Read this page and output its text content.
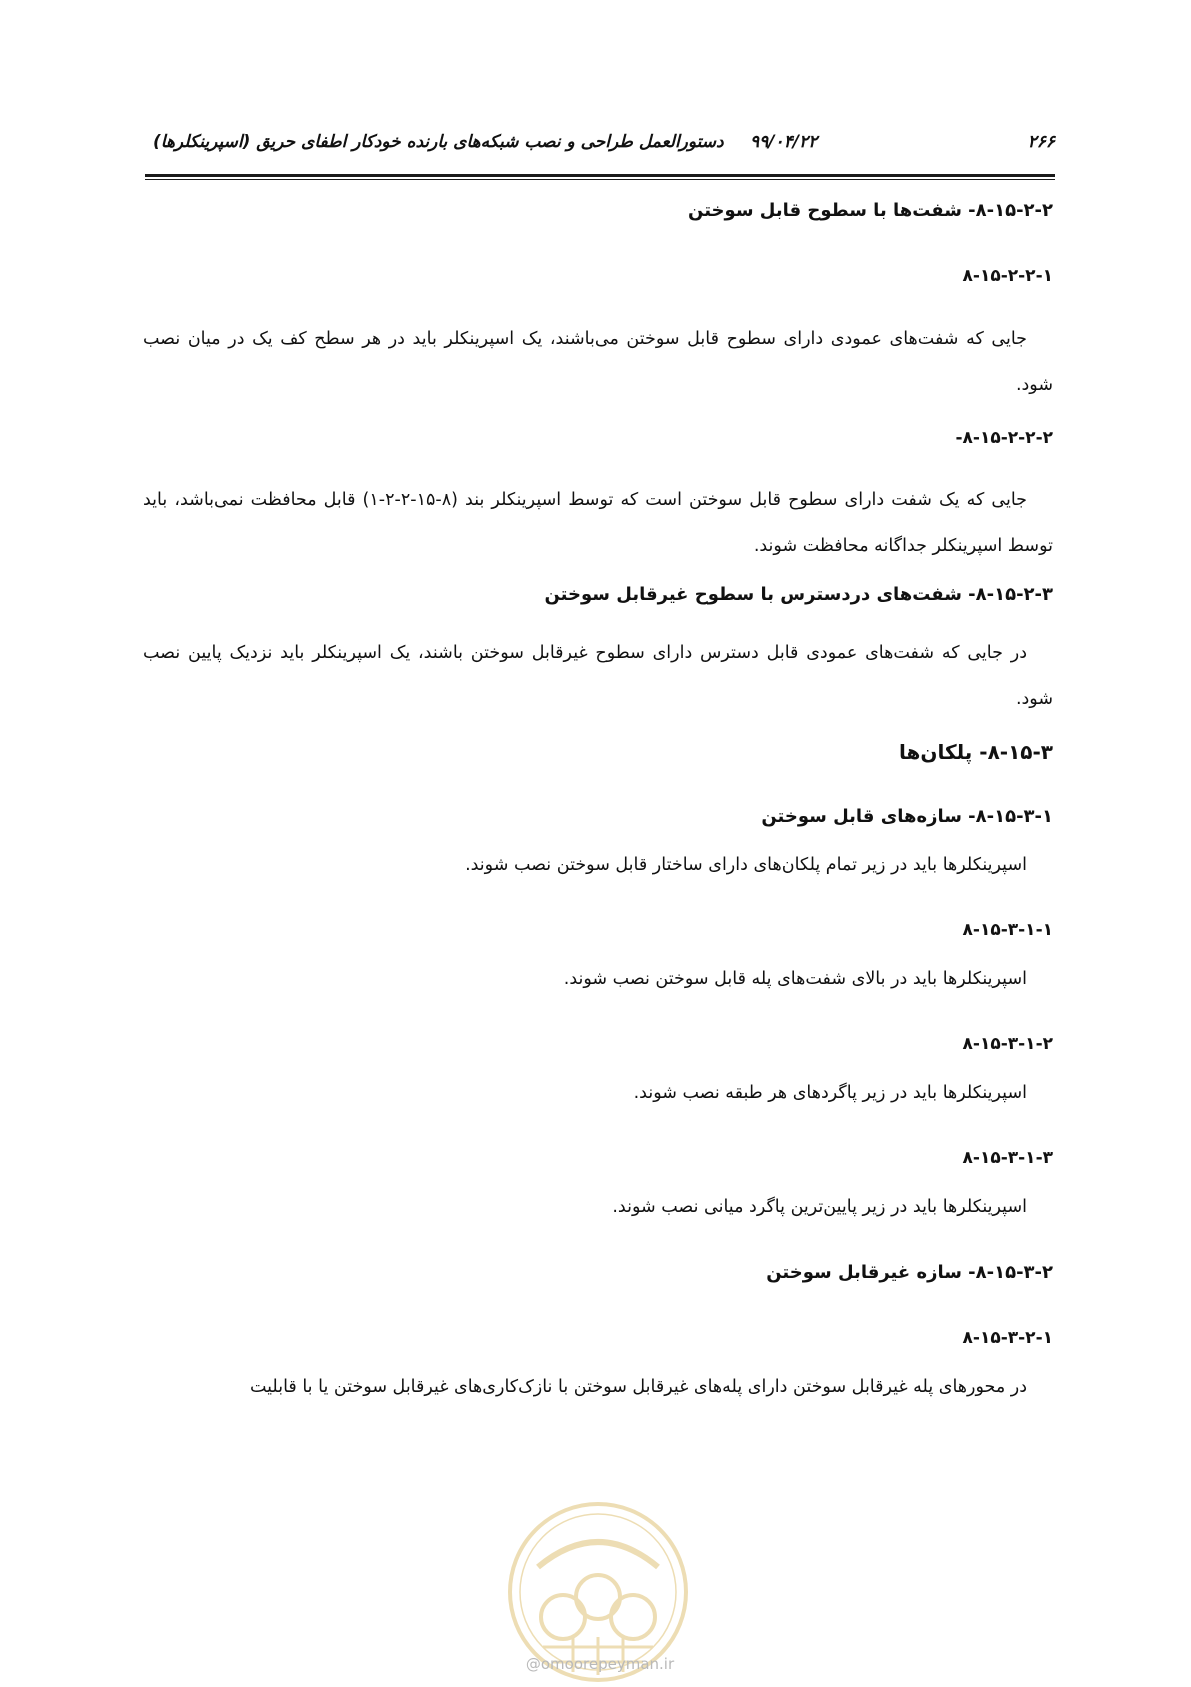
۲۶۶
۹۹/۰۴/۲۲
دستورالعمل طراحی و نصب شبکه‌های بارنده خودکار اطفای حریق (اسپرینکلرها)
۸-۱۵-۲-۲- شفت‌ها با سطوح قابل سوختن
۸-۱۵-۲-۲-۱
جایی که شفت‌های عمودی دارای سطوح قابل سوختن می‌باشند، یک اسپرینکلر باید در هر سطح کف یک در میان نصب شود.
۸-۱۵-۲-۲-۲-
جایی که یک شفت دارای سطوح قابل سوختن است که توسط اسپرینکلر بند (۸-۱۵-۲-۲-۱) قابل محافظت نمی‌باشد، باید توسط اسپرینکلر جداگانه محافظت شوند.
۸-۱۵-۲-۳- شفت‌های دردسترس با سطوح غیرقابل سوختن
در جایی که شفت‌های عمودی قابل دسترس دارای سطوح غیرقابل سوختن باشند، یک اسپرینکلر باید نزدیک پایین نصب شود.
۸-۱۵-۳- پلکان‌ها
۸-۱۵-۳-۱- سازه‌های قابل سوختن
اسپرینکلرها باید در زیر تمام پلکان‌های دارای ساختار قابل سوختن نصب شوند.
۸-۱۵-۳-۱-۱
اسپرینکلرها باید در بالای شفت‌های پله قابل سوختن نصب شوند.
۸-۱۵-۳-۱-۲
اسپرینکلرها باید در زیر پاگردهای هر طبقه نصب شوند.
۸-۱۵-۳-۱-۳
اسپرینکلرها باید در زیر پایین‌ترین پاگرد میانی نصب شوند.
۸-۱۵-۳-۲- سازه غیرقابل سوختن
۸-۱۵-۳-۲-۱
در محورهای پله غیرقابل سوختن دارای پله‌های غیرقابل سوختن با نازک‌کاری‌های غیرقابل سوختن یا با قابلیت
@omoorepeyman.ir
